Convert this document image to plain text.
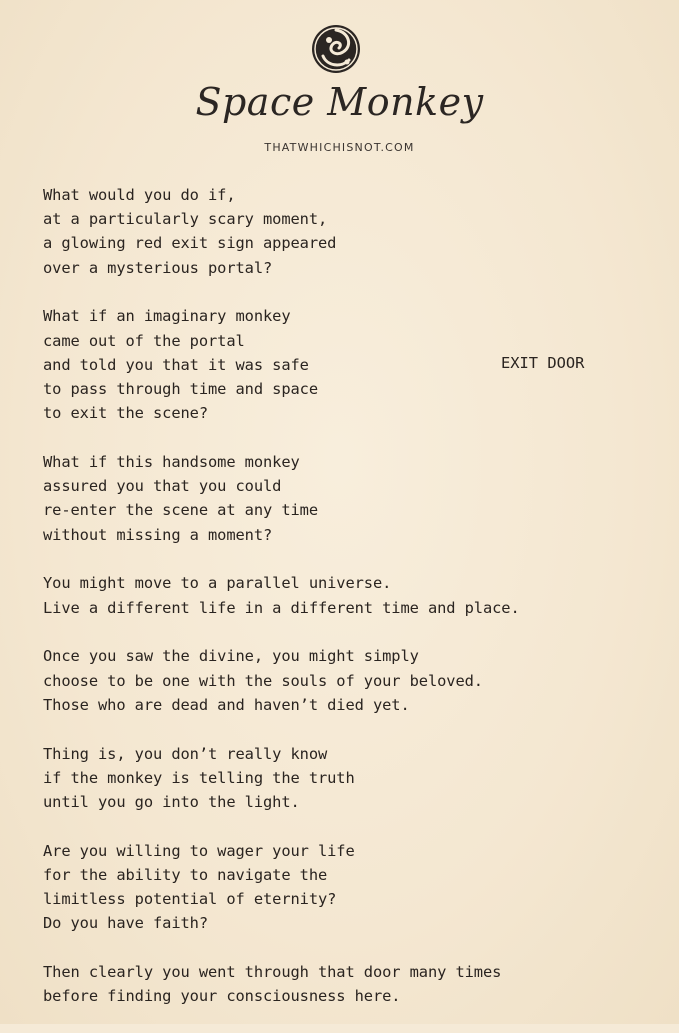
Space Monkey
THATWHICHISNOT.COM
What would you do if,
at a particularly scary moment,
a glowing red exit sign appeared
over a mysterious portal?
What if an imaginary monkey
came out of the portal
and told you that it was safe
to pass through time and space
to exit the scene?
What if this handsome monkey
assured you that you could
re-enter the scene at any time
without missing a moment?
You might move to a parallel universe.
Live a different life in a different time and place.
Once you saw the divine, you might simply
choose to be one with the souls of your beloved.
Those who are dead and haven’t died yet.
Thing is, you don’t really know
if the monkey is telling the truth
until you go into the light.
Are you willing to wager your life
for the ability to navigate the
limitless potential of eternity?
Do you have faith?
Then clearly you went through that door many times
before finding your consciousness here.
EXIT DOOR
